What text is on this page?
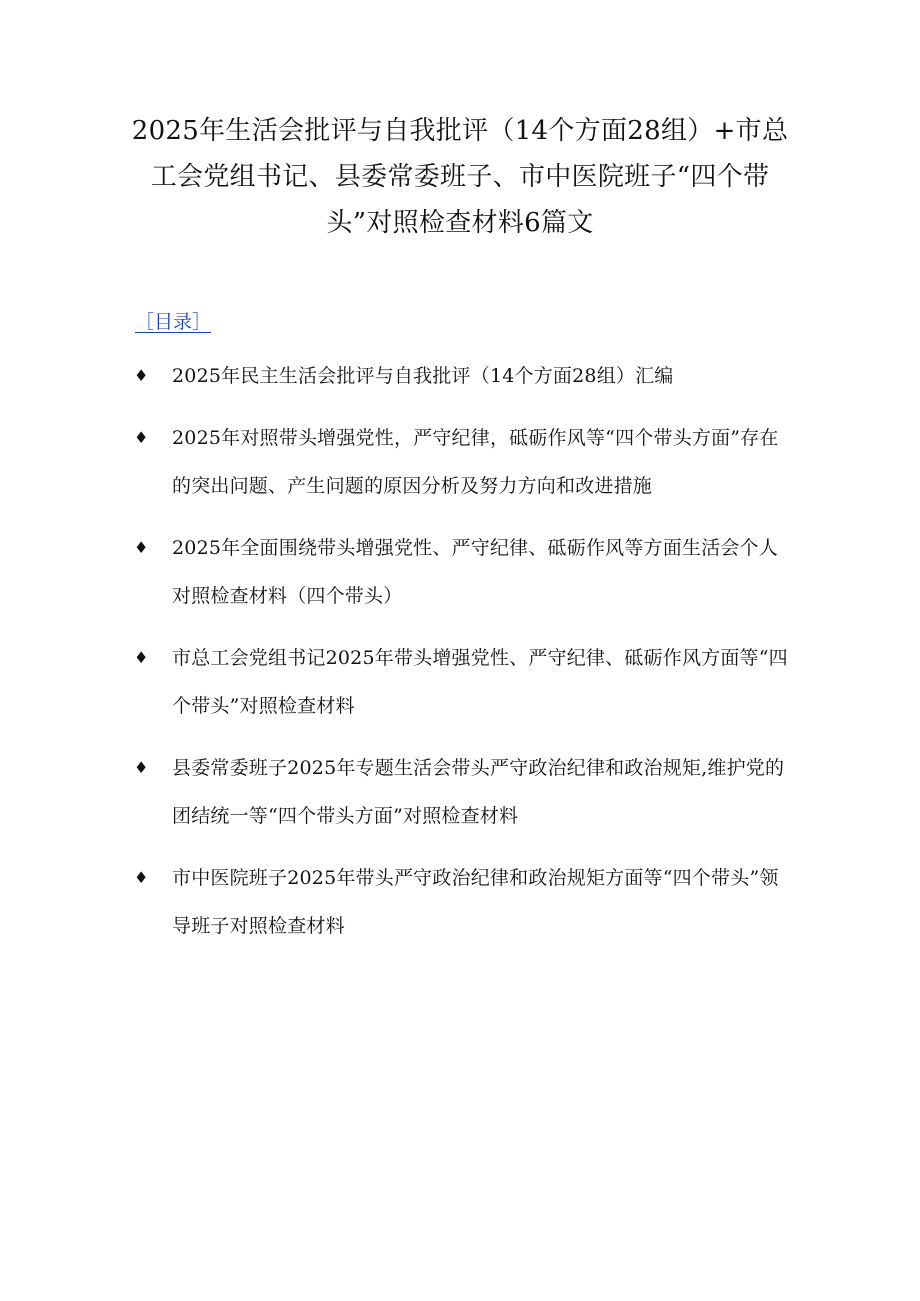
2025年生活会批评与自我批评（14个方面28组）+市总工会党组书记、县委常委班子、市中医院班子“四个带头”对照检查材料6篇文
［目录］
♦	2025年民主生活会批评与自我批评（14个方面28组）汇编
♦	2025年对照带头增强党性，严守纪律，砥砺作风等“四个带头方面”存在的突出问题、产生问题的原因分析及努力方向和改进措施
♦	2025年全面围绕带头增强党性、严守纪律、砥砺作风等方面生活会个人对照检查材料（四个带头）
♦	市总工会党组书记2025年带头增强党性、严守纪律、砥砺作风方面等“四个带头”对照检查材料
♦	县委常委班子2025年专题生活会带头严守政治纪律和政治规矩,维护党的团结统一等“四个带头方面”对照检查材料
♦	市中医院班子2025年带头严守政治纪律和政治规矩方面等“四个带头”领导班子对照检查材料
